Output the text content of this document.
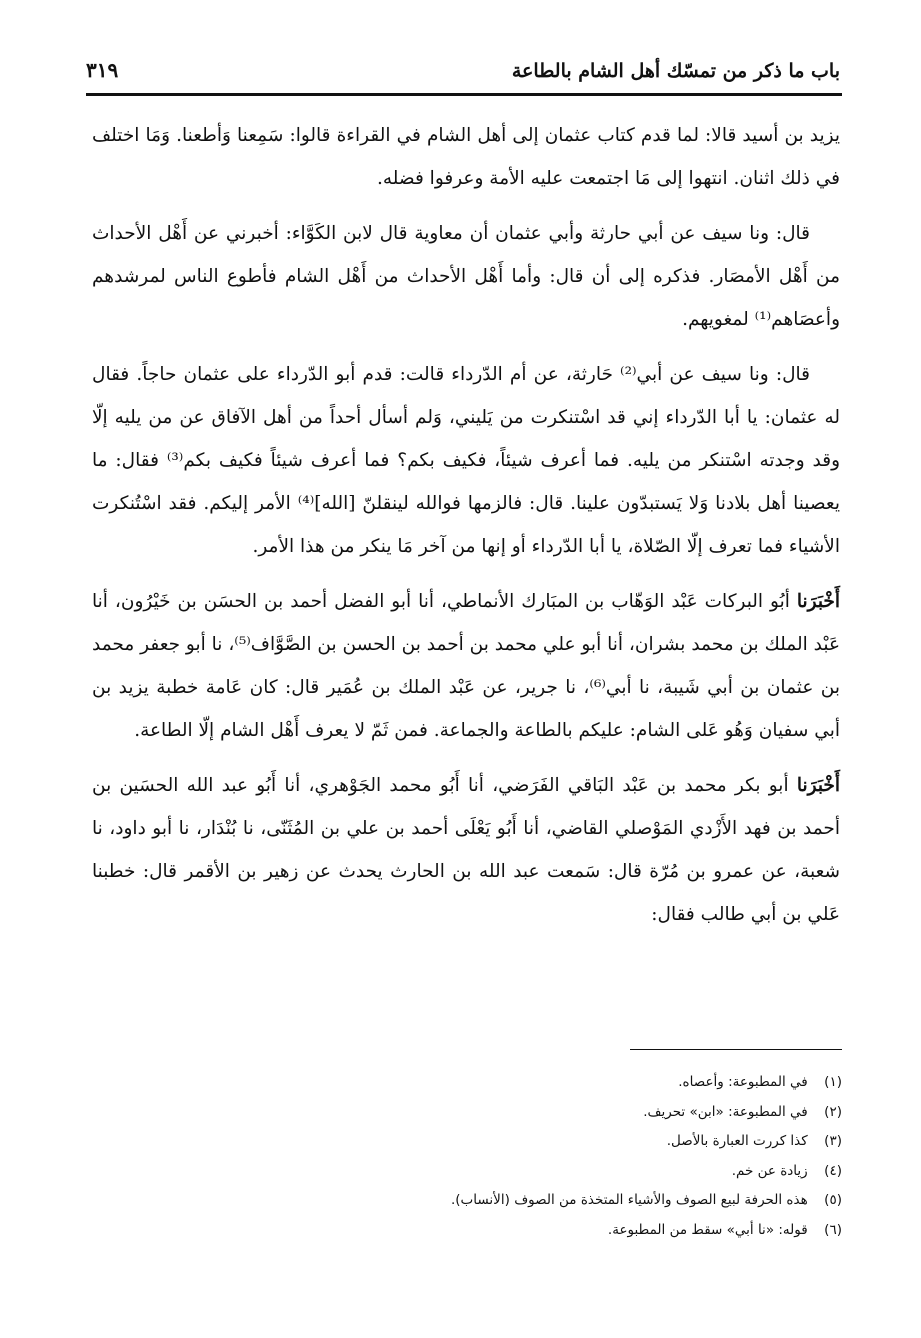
باب ما ذكر من تمسّك أهل الشام بالطاعة
٣١٩

يزيد بن أسيد قالا: لما قدم كتاب عثمان إلى أهل الشام في القراءة قالوا: سَمِعنا وَأطعنا. وَمَا اختلف في ذلك اثنان. انتهوا إلى مَا اجتمعت عليه الأمة وعرفوا فضله.

قال: ونا سيف عن أبي حارثة وأبي عثمان أن معاوية قال لابن الكَوَّاء: أخبرني عن أَهْل الأحداث من أَهْل الأمصَار. فذكره إلى أن قال: وأما أَهْل الأحداث من أَهْل الشام فأطوع الناس لمرشدهم وأعصَاهم⁽¹⁾ لمغويهم.

قال: ونا سيف عن أبي⁽²⁾ حَارثة، عن أم الدّرداء قالت: قدم أبو الدّرداء على عثمان حاجاً. فقال له عثمان: يا أبا الدّرداء إني قد اسْتنكرت من يَليني، وَلم أسأل أحداً من أهل الآفاق عن من يليه إلّا وقد وجدته اسْتنكر من يليه. فما أعرف شيئاً، فكيف بكم؟ فما أعرف شيئاً فكيف بكم⁽³⁾ فقال: ما يعصينا أهل بلادنا وَلا يَستبدّون علينا. قال: فالزمها فوالله لينقلنّ [الله]⁽⁴⁾ الأمر إليكم. فقد اسْتُنكرت الأشياء فما تعرف إلّا الصّلاة، يا أبا الدّرداء أو إنها من آخر مَا ينكر من هذا الأمر.

أَخْبَرَنا أبُو البركات عَبْد الوَهّاب بن المبَارك الأنماطي، أنا أبو الفضل أحمد بن الحسَن بن خَيْرُون، أنا عَبْد الملك بن محمد بشران، أنا أبو علي محمد بن أحمد بن الحسن بن الصَّوَّاف⁽⁵⁾، نا أبو جعفر محمد بن عثمان بن أبي شَيبة، نا أبي⁽⁶⁾، نا جرير، عن عَبْد الملك بن عُمَير قال: كان عَامة خطبة يزيد بن أبي سفيان وَهُو عَلى الشام: عليكم بالطاعة والجماعة. فمن ثَمّ لا يعرف أَهْل الشام إلّا الطاعة.

أَخْبَرَنا أبو بكر محمد بن عَبْد البَاقي الفَرَضي، أنا أَبُو محمد الجَوْهري، أنا أَبُو عبد الله الحسَين بن أحمد بن فهد الأَزْدي المَوْصلي القاضي، أنا أَبُو يَعْلَى أحمد بن علي بن المُثَنّى، نا بُنْدَار، نا أبو داود، نا شعبة، عن عمرو بن مُرّة قال: سَمعت عبد الله بن الحارث يحدث عن زهير بن الأقمر قال: خطبنا عَلي بن أبي طالب فقال:

(١) في المطبوعة: وأعصاه.
(٢) في المطبوعة: «ابن» تحريف.
(٣) كذا كررت العبارة بالأصل.
(٤) زيادة عن خم.
(٥) هذه الحرفة لبيع الصوف والأشياء المتخذة من الصوف (الأنساب).
(٦) قوله: «نا أبي» سقط من المطبوعة.
